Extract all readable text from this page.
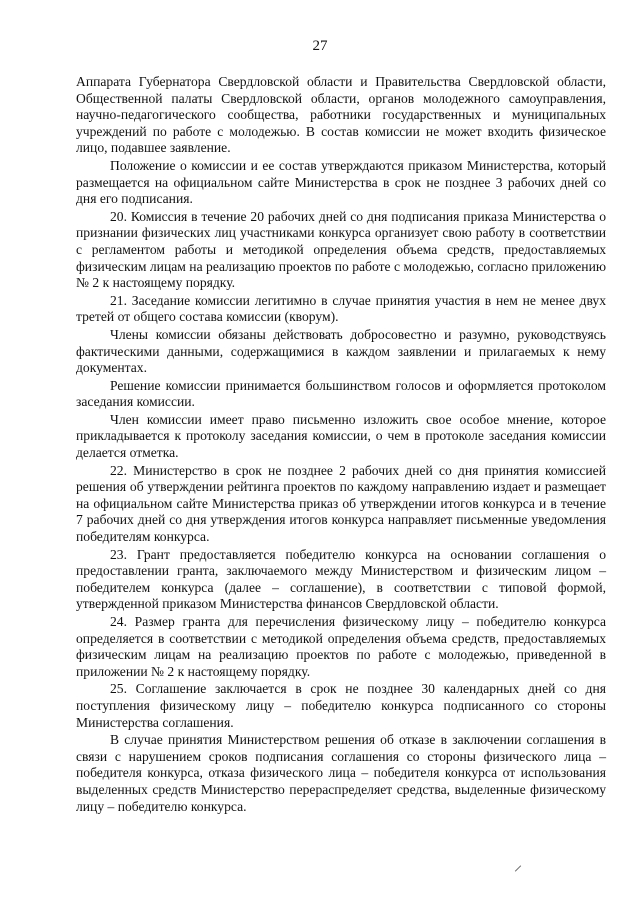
27

Аппарата Губернатора Свердловской области и Правительства Свердловской области, Общественной палаты Свердловской области, органов молодежного самоуправления, научно-педагогического сообщества, работники государственных и муниципальных учреждений по работе с молодежью. В состав комиссии не может входить физическое лицо, подавшее заявление.

Положение о комиссии и ее состав утверждаются приказом Министерства, который размещается на официальном сайте Министерства в срок не позднее 3 рабочих дней со дня его подписания.

20. Комиссия в течение 20 рабочих дней со дня подписания приказа Министерства о признании физических лиц участниками конкурса организует свою работу в соответствии с регламентом работы и методикой определения объема средств, предоставляемых физическим лицам на реализацию проектов по работе с молодежью, согласно приложению № 2 к настоящему порядку.

21. Заседание комиссии легитимно в случае принятия участия в нем не менее двух третей от общего состава комиссии (кворум).

Члены комиссии обязаны действовать добросовестно и разумно, руководствуясь фактическими данными, содержащимися в каждом заявлении и прилагаемых к нему документах.

Решение комиссии принимается большинством голосов и оформляется протоколом заседания комиссии.

Член комиссии имеет право письменно изложить свое особое мнение, которое прикладывается к протоколу заседания комиссии, о чем в протоколе заседания комиссии делается отметка.

22. Министерство в срок не позднее 2 рабочих дней со дня принятия комиссией решения об утверждении рейтинга проектов по каждому направлению издает и размещает на официальном сайте Министерства приказ об утверждении итогов конкурса и в течение 7 рабочих дней со дня утверждения итогов конкурса направляет письменные уведомления победителям конкурса.

23. Грант предоставляется победителю конкурса на основании соглашения о предоставлении гранта, заключаемого между Министерством и физическим лицом – победителем конкурса (далее – соглашение), в соответствии с типовой формой, утвержденной приказом Министерства финансов Свердловской области.

24. Размер гранта для перечисления физическому лицу – победителю конкурса определяется в соответствии с методикой определения объема средств, предоставляемых физическим лицам на реализацию проектов по работе с молодежью, приведенной в приложении № 2 к настоящему порядку.

25. Соглашение заключается в срок не позднее 30 календарных дней со дня поступления физическому лицу – победителю конкурса подписанного со стороны Министерства соглашения.

В случае принятия Министерством решения об отказе в заключении соглашения в связи с нарушением сроков подписания соглашения со стороны физического лица – победителя конкурса, отказа физического лица – победителя конкурса от использования выделенных средств Министерство перераспределяет средства, выделенные физическому лицу – победителю конкурса.
